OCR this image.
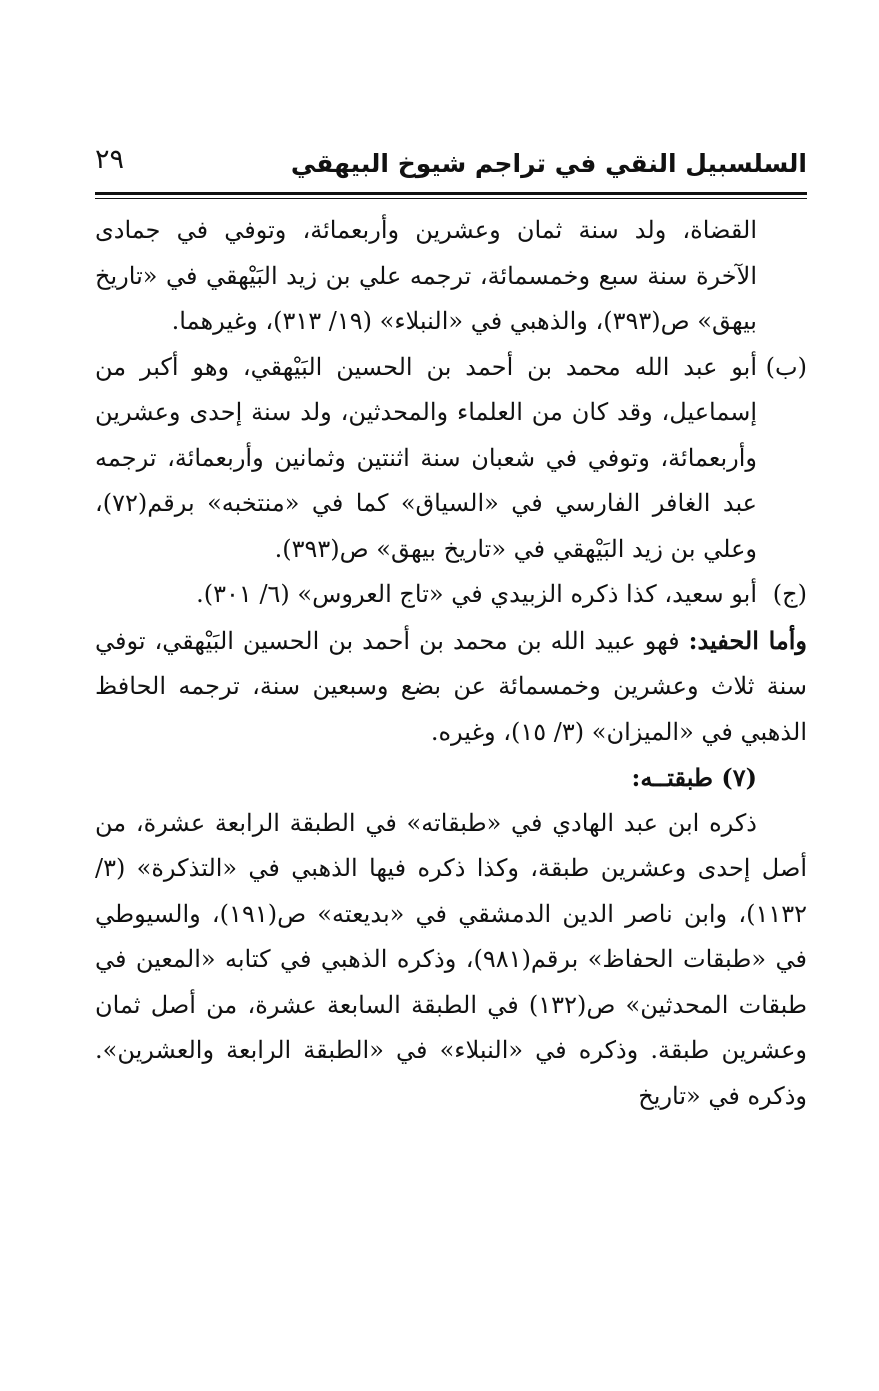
السلسبيل النقي في تراجم شيوخ البيهقي
٢٩

القضاة، ولد سنة ثمان وعشرين وأربعمائة، وتوفي في جمادى الآخرة سنة سبع وخمسمائة، ترجمه علي بن زيد البَيْهقي في «تاريخ بيهق» ص(٣٩٣)، والذهبي في «النبلاء» (١٩/ ٣١٣)، وغيرهما.

(ب)أبو عبد الله محمد بن أحمد بن الحسين البَيْهقي، وهو أكبر من إسماعيل، وقد كان من العلماء والمحدثين، ولد سنة إحدى وعشرين وأربعمائة، وتوفي في شعبان سنة اثنتين وثمانين وأربعمائة، ترجمه عبد الغافر الفارسي في «السياق» كما في «منتخبه» برقم(٧٢)، وعلي بن زيد البَيْهقي في «تاريخ بيهق» ص(٣٩٣).

(ج)أبو سعيد، كذا ذكره الزبيدي في «تاج العروس» (٦/ ٣٠١).

وأما الحفيد: فهو عبيد الله بن محمد بن أحمد بن الحسين البَيْهقي، توفي سنة ثلاث وعشرين وخمسمائة عن بضع وسبعين سنة، ترجمه الحافظ الذهبي في «الميزان» (٣/ ١٥)، وغيره.

(٧) طبقتــه:

ذكره ابن عبد الهادي في «طبقاته» في الطبقة الرابعة عشرة، من أصل إحدى وعشرين طبقة، وكذا ذكره فيها الذهبي في «التذكرة» (٣/ ١١٣٢)، وابن ناصر الدين الدمشقي في «بديعته» ص(١٩١)، والسيوطي في «طبقات الحفاظ» برقم(٩٨١)، وذكره الذهبي في كتابه «المعين في طبقات المحدثين» ص(١٣٢) في الطبقة السابعة عشرة، من أصل ثمان وعشرين طبقة. وذكره في «النبلاء» في «الطبقة الرابعة والعشرين». وذكره في «تاريخ
